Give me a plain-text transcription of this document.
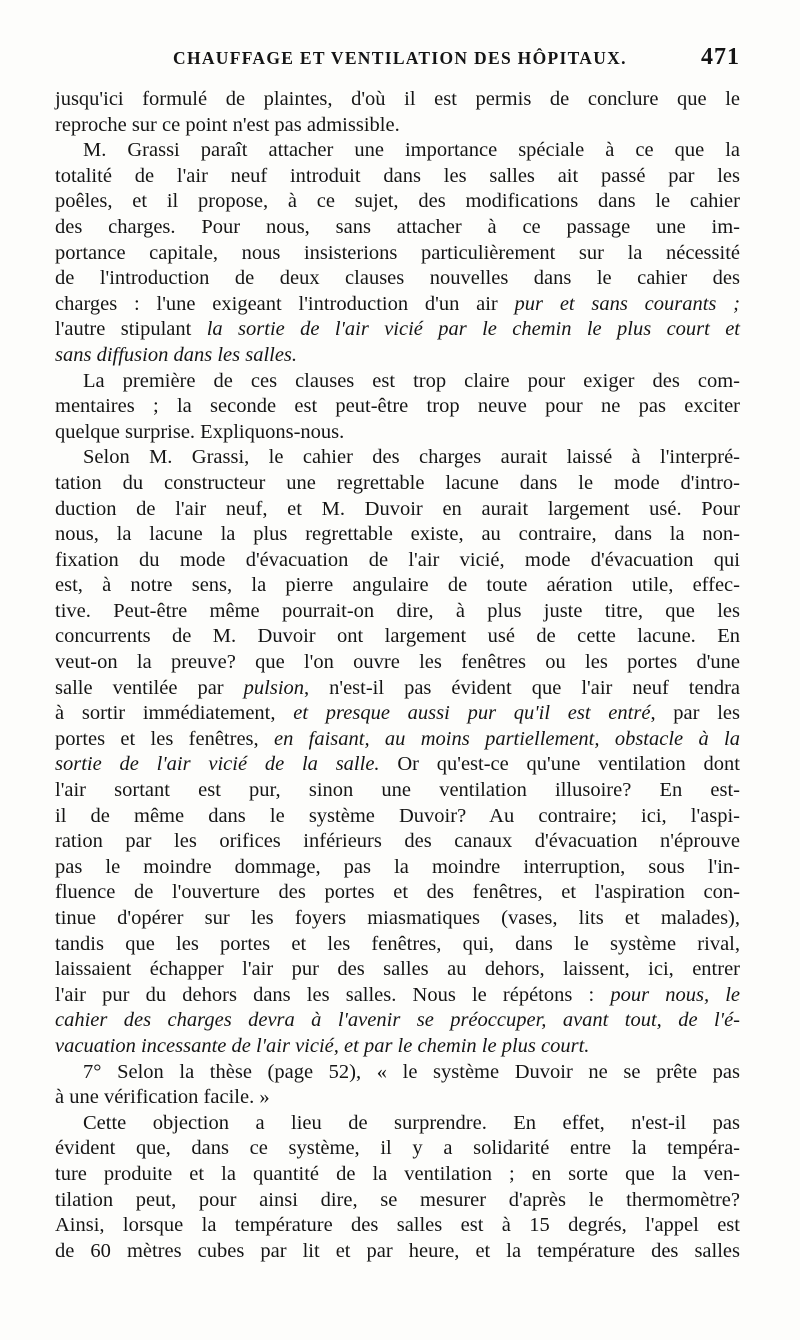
CHAUFFAGE ET VENTILATION DES HÔPITAUX.	471
jusqu'ici formulé de plaintes, d'où il est permis de conclure que le
reproche sur ce point n'est pas admissible.
M. Grassi paraît attacher une importance spéciale à ce que la
totalité de l'air neuf introduit dans les salles ait passé par les
poêles, et il propose, à ce sujet, des modifications dans le cahier
des charges. Pour nous, sans attacher à ce passage une im-
portance capitale, nous insisterions particulièrement sur la nécessité
de l'introduction de deux clauses nouvelles dans le cahier des
charges : l'une exigeant l'introduction d'un air pur et sans courants ;
l'autre stipulant la sortie de l'air vicié par le chemin le plus court et
sans diffusion dans les salles.
La première de ces clauses est trop claire pour exiger des com-
mentaires ; la seconde est peut-être trop neuve pour ne pas exciter
quelque surprise. Expliquons-nous.
Selon M. Grassi, le cahier des charges aurait laissé à l'interpré-
tation du constructeur une regrettable lacune dans le mode d'intro-
duction de l'air neuf, et M. Duvoir en aurait largement usé. Pour
nous, la lacune la plus regrettable existe, au contraire, dans la non-
fixation du mode d'évacuation de l'air vicié, mode d'évacuation qui
est, à notre sens, la pierre angulaire de toute aération utile, effec-
tive. Peut-être même pourrait-on dire, à plus juste titre, que les
concurrents de M. Duvoir ont largement usé de cette lacune. En
veut-on la preuve? que l'on ouvre les fenêtres ou les portes d'une
salle ventilée par pulsion, n'est-il pas évident que l'air neuf tendra
à sortir immédiatement, et presque aussi pur qu'il est entré, par les
portes et les fenêtres, en faisant, au moins partiellement, obstacle à la
sortie de l'air vicié de la salle. Or qu'est-ce qu'une ventilation dont
l'air sortant est pur, sinon une ventilation illusoire? En est-
il de même dans le système Duvoir? Au contraire; ici, l'aspi-
ration par les orifices inférieurs des canaux d'évacuation n'éprouve
pas le moindre dommage, pas la moindre interruption, sous l'in-
fluence de l'ouverture des portes et des fenêtres, et l'aspiration con-
tinue d'opérer sur les foyers miasmatiques (vases, lits et malades),
tandis que les portes et les fenêtres, qui, dans le système rival,
laissaient échapper l'air pur des salles au dehors, laissent, ici, entrer
l'air pur du dehors dans les salles. Nous le répétons : pour nous, le
cahier des charges devra à l'avenir se préoccuper, avant tout, de l'é-
vacuation incessante de l'air vicié, et par le chemin le plus court.
7° Selon la thèse (page 52), « le système Duvoir ne se prête pas
à une vérification facile. »
Cette objection a lieu de surprendre. En effet, n'est-il pas
évident que, dans ce système, il y a solidarité entre la tempéra-
ture produite et la quantité de la ventilation ; en sorte que la ven-
tilation peut, pour ainsi dire, se mesurer d'après le thermomètre?
Ainsi, lorsque la température des salles est à 15 degrés, l'appel est
de 60 mètres cubes par lit et par heure, et la température des salles
